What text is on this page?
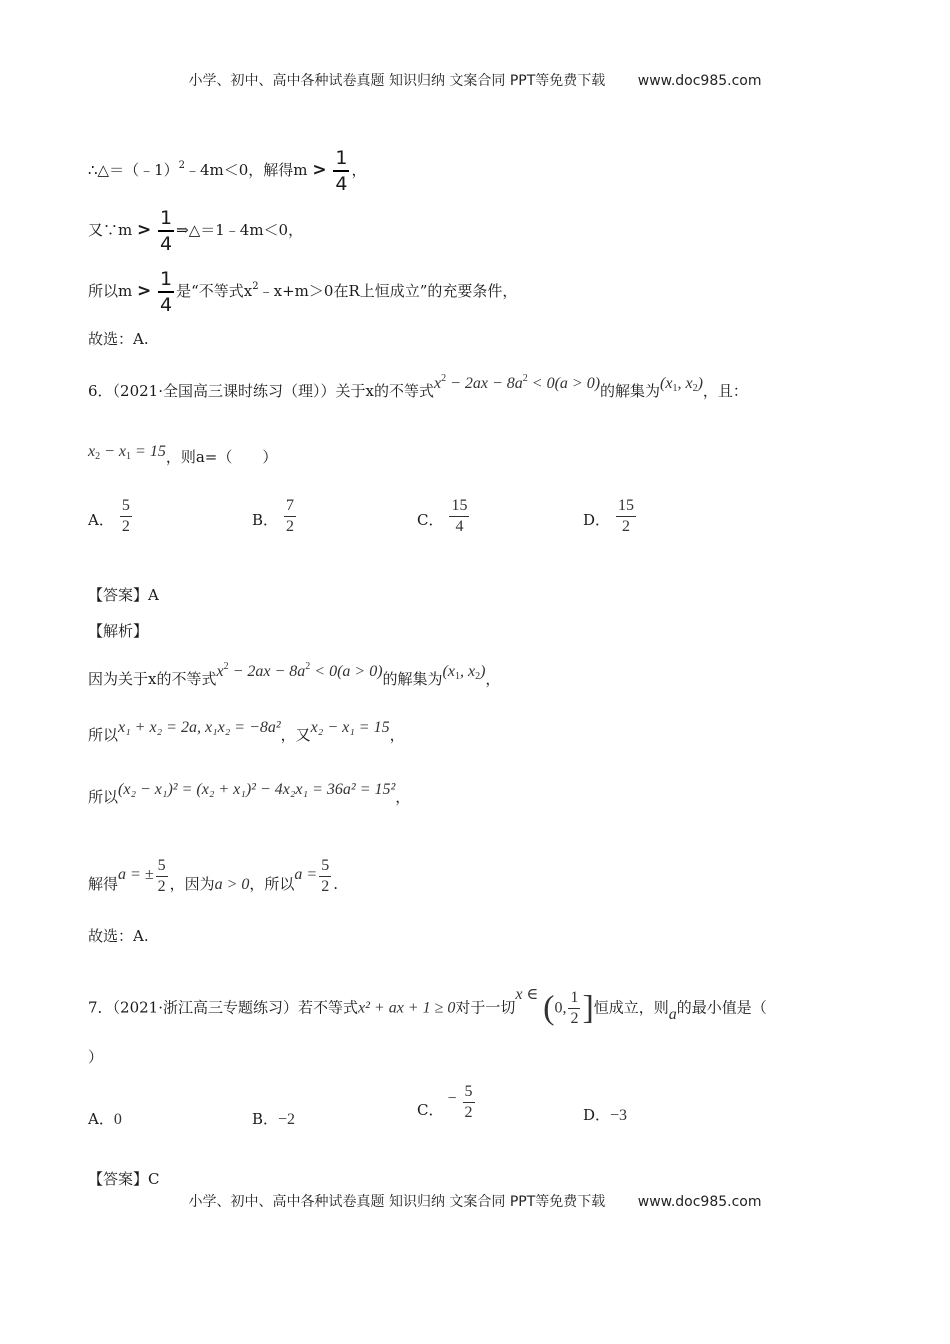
小学、初中、高中各种试卷真题 知识归纳 文案合同 PPT等免费下载 www.doc985.com
∴△＝（﹣1）$^2$﹣4m＜0，解得$m > \frac{1}{4}$ ，
又∵m > $\frac{1}{4}$ ⇒△＝1﹣4m＜0，
所以$m > \frac{1}{4}$ 是“不等式$x^2﹣x+m>0$在R上恒成立”的充要条件，
故选：A.
6．（2021·全国高三课时练习（理））关于x的不等式$x^2 - 2ax - 8a^2 < 0(a > 0)$的解集为($x_1$, $x_2$)，且：
$x_2 - x_1 = 15$，则a=（　　）
A． $\frac{5}{2}$	B． $\frac{7}{2}$	C． $\frac{15}{4}$	D． $\frac{15}{2}$
【答案】A
【解析】
因为关于x的不等式$x^2 - 2ax - 8a^2 < 0(a > 0)$的解集为($x_1$, $x_2$)，
所以x₁ + x₂ = 2a, x₁x₂ = −8a²，又x₂ − x₁ = 15，
所以(x₂ − x₁)² = (x₂ + x₁)² − 4x₂x₁ = 36a² = 15²，
解得a = ± $\frac{5}{2}$ ，因为a > 0，所以$a = \frac{5}{2}$ .
故选：A.
7．（2021·浙江高三专题练习）若不等式x² + ax + 1 ≥ 0对于一切x ∈ (0, $\frac{1}{2}$ ]恒成立，则a的最小值是（
）
A．0	B．−2
C．− $\frac{5}{2}$	D．−3
【答案】C
小学、初中、高中各种试卷真题 知识归纳 文案合同 PPT等免费下载 www.doc985.com
